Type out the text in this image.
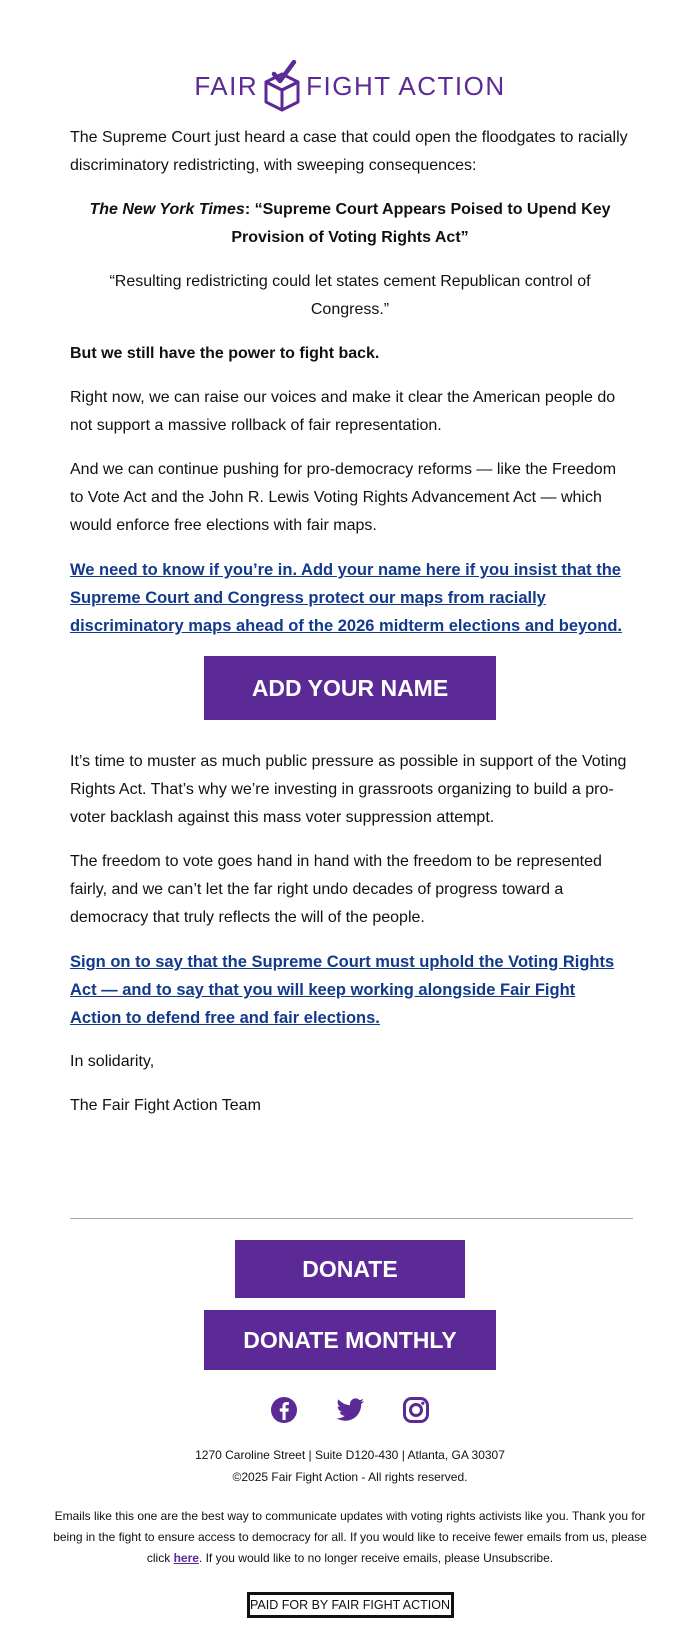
FAIR FIGHT ACTION

The Supreme Court just heard a case that could open the floodgates to racially discriminatory redistricting, with sweeping consequences:

The New York Times: “Supreme Court Appears Poised to Upend Key Provision of Voting Rights Act”

“Resulting redistricting could let states cement Republican control of Congress.”

But we still have the power to fight back.

Right now, we can raise our voices and make it clear the American people do not support a massive rollback of fair representation.

And we can continue pushing for pro-democracy reforms — like the Freedom to Vote Act and the John R. Lewis Voting Rights Advancement Act — which would enforce free elections with fair maps.

We need to know if you’re in. Add your name here if you insist that the Supreme Court and Congress protect our maps from racially discriminatory maps ahead of the 2026 midterm elections and beyond.

ADD YOUR NAME

It’s time to muster as much public pressure as possible in support of the Voting Rights Act. That’s why we’re investing in grassroots organizing to build a pro-voter backlash against this mass voter suppression attempt.

The freedom to vote goes hand in hand with the freedom to be represented fairly, and we can’t let the far right undo decades of progress toward a democracy that truly reflects the will of the people.

Sign on to say that the Supreme Court must uphold the Voting Rights Act — and to say that you will keep working alongside Fair Fight Action to defend free and fair elections.

In solidarity,

The Fair Fight Action Team

DONATE
DONATE MONTHLY
1270 Caroline Street | Suite D120-430 | Atlanta, GA 30307
©2025 Fair Fight Action - All rights reserved.
Emails like this one are the best way to communicate updates with voting rights activists like you. Thank you for being in the fight to ensure access to democracy for all. If you would like to receive fewer emails from us, please click here. If you would like to no longer receive emails, please Unsubscribe.
PAID FOR BY FAIR FIGHT ACTION
